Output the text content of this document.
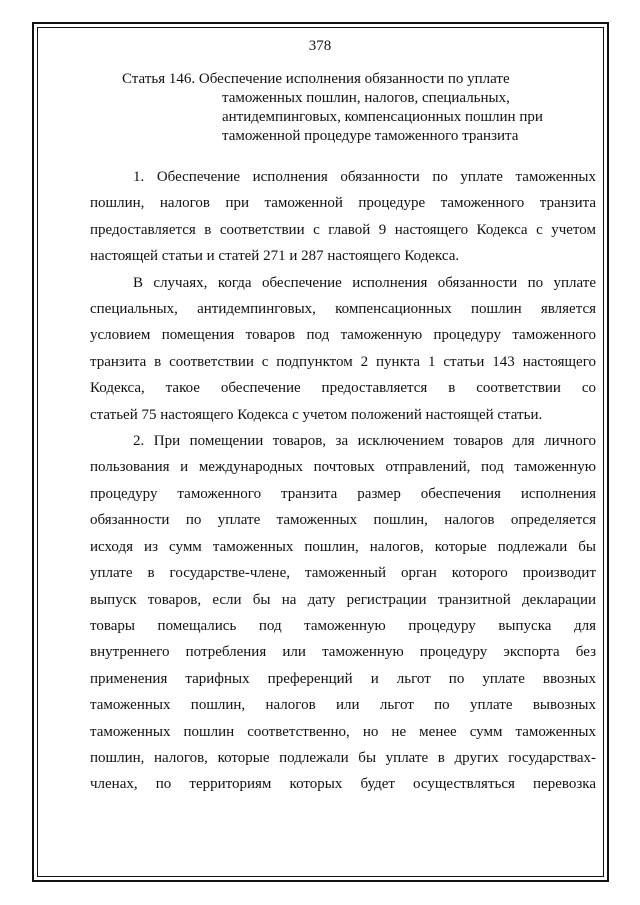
378
Статья 146. Обеспечение исполнения обязанности по уплате
таможенных пошлин, налогов, специальных,
антидемпинговых, компенсационных пошлин при
таможенной процедуре таможенного транзита
1. Обеспечение исполнения обязанности по уплате таможенных
пошлин, налогов при таможенной процедуре таможенного транзита
предоставляется в соответствии с главой 9 настоящего Кодекса с учетом
настоящей статьи и статей 271 и 287 настоящего Кодекса.
В случаях, когда обеспечение исполнения обязанности по уплате
специальных, антидемпинговых, компенсационных пошлин является
условием помещения товаров под таможенную процедуру таможенного
транзита в соответствии с подпунктом 2 пункта 1 статьи 143 настоящего
Кодекса, такое обеспечение предоставляется в соответствии со
статьей 75 настоящего Кодекса с учетом положений настоящей статьи.
2. При помещении товаров, за исключением товаров для личного
пользования и международных почтовых отправлений, под таможенную
процедуру таможенного транзита размер обеспечения исполнения
обязанности по уплате таможенных пошлин, налогов определяется
исходя из сумм таможенных пошлин, налогов, которые подлежали бы
уплате в государстве-члене, таможенный орган которого производит
выпуск товаров, если бы на дату регистрации транзитной декларации
товары помещались под таможенную процедуру выпуска для
внутреннего потребления или таможенную процедуру экспорта без
применения тарифных преференций и льгот по уплате ввозных
таможенных пошлин, налогов или льгот по уплате вывозных
таможенных пошлин соответственно, но не менее сумм таможенных
пошлин, налогов, которые подлежали бы уплате в других государствах-
членах, по территориям которых будет осуществляться перевозка
